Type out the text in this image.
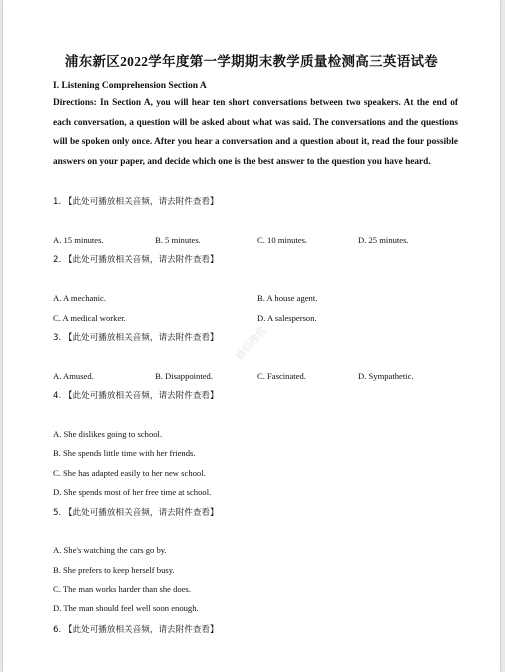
浦东新区2022学年度第一学期期末教学质量检测高三英语试卷
I. Listening Comprehension Section A
Directions: In Section A, you will hear ten short conversations between two speakers. At the end of each conversation, a question will be asked about what was said. The conversations and the questions will be spoken only once. After you hear a conversation and a question about it, read the four possible answers on your paper, and decide which one is the best answer to the question you have heard.
微信搜优
1. 【此处可播放相关音频，请去附件查看】
A. 15 minutes.	B. 5 minutes.	C. 10 minutes.	D. 25 minutes.
2. 【此处可播放相关音频，请去附件查看】
A. A mechanic.	B. A house agent.
C. A medical worker.	D. A salesperson.
3. 【此处可播放相关音频，请去附件查看】
A. Amused.	B. Disappointed.	C. Fascinated.	D. Sympathetic.
4. 【此处可播放相关音频，请去附件查看】
A. She dislikes going to school.
B. She spends little time with her friends.
C. She has adapted easily to her new school.
D. She spends most of her free time at school.
5. 【此处可播放相关音频，请去附件查看】
A. She's watching the cars go by.
B. She prefers to keep herself busy.
C. The man works harder than she does.
D. The man should feel well soon enough.
6. 【此处可播放相关音频，请去附件查看】
